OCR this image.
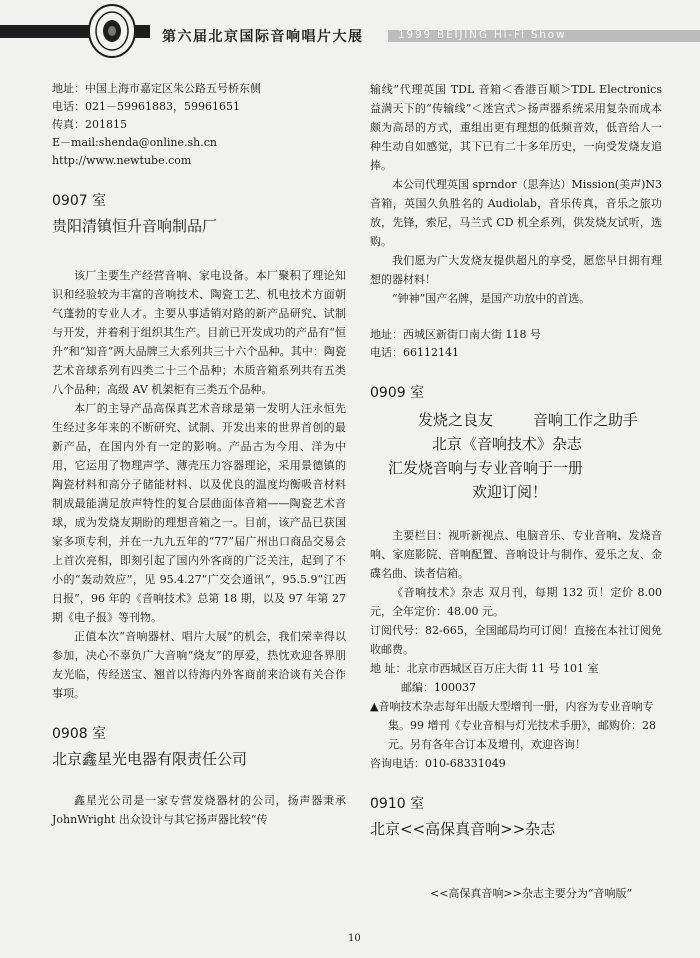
第六届北京国际音响唱片大展	1999 BEIJING Hi-Fi Show
地址：中国上海市嘉定区朱公路五号桥东侧
电话：021－59961883，59961651
传真：201815
E－mail:shenda@online.sh.cn
http://www.newtube.com
0907 室
贵阳清镇恒升音响制品厂

该厂主要生产经营音响、家电设备。本厂聚积了理论知识和经验较为丰富的音响技术、陶瓷工艺、机电技术方面朝气蓬勃的专业人才。主要从事适销对路的新产品研究、试制与开发，并着利于组织其生产。目前已开发成功的产品有“恒升”和“知音”两大品牌三大系列共三十六个品种。其中：陶瓷艺术音球系列有四类二十三个品种；木质音箱系列共有五类八个品种；高级 AV 机架柜有三类五个品种。

本厂的主导产品高保真艺术音球是第一发明人汪永恒先生经过多年来的不断研究、试制、开发出来的世界首创的最新产品，在国内外有一定的影响。产品古为今用、洋为中用，它运用了物理声学、薄壳压力容器理论，采用景德镇的陶瓷材料和高分子储能材料、以及优良的温度均衡吸音材料制成最能满足放声特性的复合层曲面体音箱——陶瓷艺术音球，成为发烧友期盼的理想音箱之一。目前，该产品已获国家多项专利，并在一九九五年的“77”届广州出口商品交易会上首次亮相，即刻引起了国内外客商的广泛关注，起到了不小的“轰动效应”，见 95.4.27“广交会通讯”，95.5.9“江西日报”，96 年的《音响技术》总第 18 期，以及 97 年第 27 期《电子报》等刊物。

正值本次“音响器材、唱片大展”的机会，我们荣幸得以参加，决心不辜负广大音响“烧友”的厚爱，热忱欢迎各界朋友光临，传经送宝、翘首以待海内外客商前来洽谈有关合作事项。

0908 室
北京鑫星光电器有限责任公司

鑫星光公司是一家专营发烧器材的公司，扬声器秉承 JohnWright 出众设计与其它扬声器比较“传

输线”代理英国 TDL 音箱＜香港百顺＞TDL Electronics 益满天下的“传输线”＜迷宫式＞扬声器系统采用复杂而成本颇为高昂的方式，重组出更有理想的低频音效，低音给人一种生动自如感觉，其下已有二十多年历史，一向受发烧友追捧。

本公司代理英国 sprndor（思奔达）Mission(美声)N3 音箱，英国久负胜名的 Audiolab，音乐传真，音乐之旅功放，先锋，索尼，马兰式 CD 机全系列，供发烧友试听，选购。

我们愿为广大发烧友提供超凡的享受，愿您早日拥有理想的器材料！

“钟神”国产名牌，是国产功放中的首选。

地址：西城区新街口南大街 118 号
电话：66112141
0909 室
发烧之良友	音响工作之助手
北京《音响技术》杂志
汇发烧音响与专业音响于一册
欢迎订阅！

主要栏目：视听新视点、电脑音乐、专业音响、发烧音响、家庭影院、音响配置、音响设计与制作、爱乐之友、金碟名曲、读者信箱。

《音响技术》杂志 双月刊，每期 132 页！定价 8.00 元，全年定价：48.00 元。

订阅代号：82-665，全国邮局均可订阅！直接在本社订阅免收邮费。

地 址：北京市西城区百万庄大街 11 号 101 室
邮编：100037

▲音响技术杂志每年出版大型增刊一册，内容为专业音响专集。99 增刊《专业音相与灯光技术手册》，邮购价：28 元。另有各年合订本及增刊，欢迎咨询！

咨询电话：010-68331049
0910 室
北京<<高保真音响>>杂志
<<高保真音响>>杂志主要分为“音响版”
10
